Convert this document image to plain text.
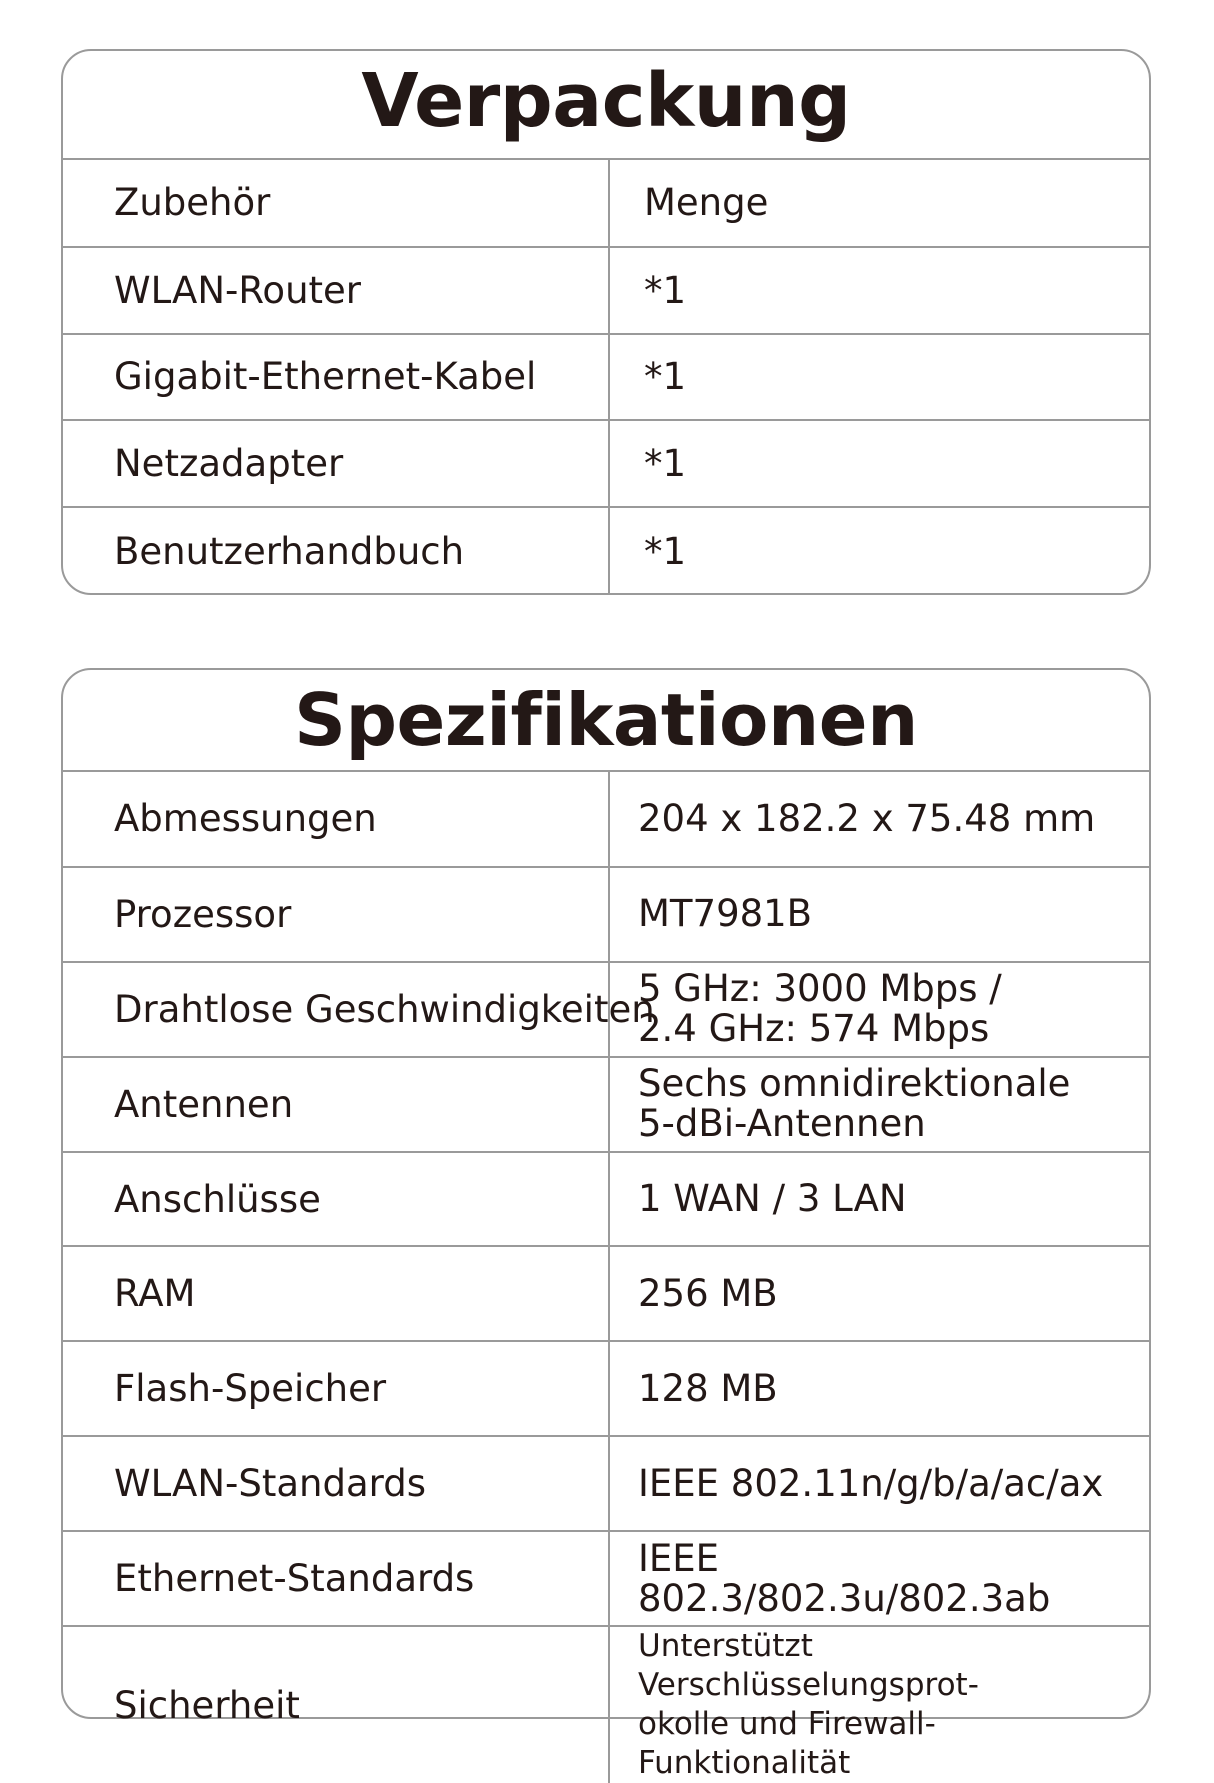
Verpackung
Zubehör	Menge
WLAN-Router	*1
Gigabit-Ethernet-Kabel	*1
Netzadapter	*1
Benutzerhandbuch	*1
Spezifikationen
Abmessungen	204 x 182.2 x 75.48 mm
Prozessor	MT7981B
Drahtlose Geschwindigkeiten	5 GHz: 3000 Mbps /
2.4 GHz: 574 Mbps

Antennen	Sechs omnidirektionale
5-dBi-Antennen

Anschlüsse	1 WAN / 3 LAN
RAM	256 MB
Flash-Speicher	128 MB
WLAN-Standards	IEEE 802.11n/g/b/a/ac/ax
Ethernet-Standards	IEEE 802.3/802.3u/802.3ab
Sicherheit	Unterstützt Verschlüsselungsprot-
okolle und Firewall-Funktionalität
